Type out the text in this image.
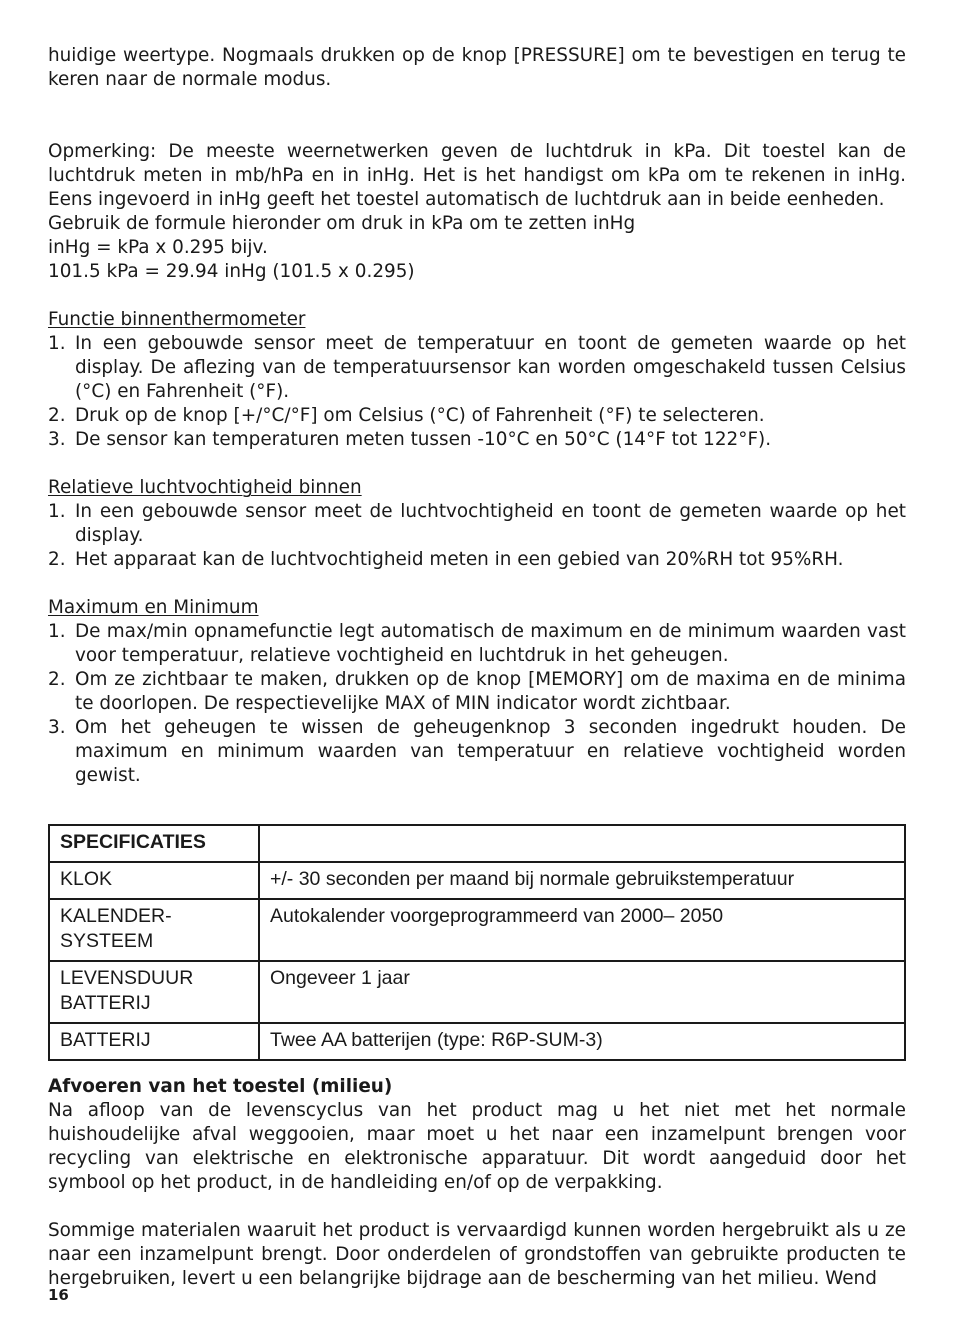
huidige weertype. Nogmaals drukken op de knop [PRESSURE] om te bevestigen en terug te keren naar de normale modus.

Opmerking: De meeste weernetwerken geven de luchtdruk in kPa. Dit toestel kan de luchtdruk meten in mb/hPa en in inHg. Het is het handigst om kPa om te rekenen in inHg. Eens ingevoerd in inHg geeft het toestel automatisch de luchtdruk aan in beide eenheden.

Gebruik de formule hieronder om druk in kPa om te zetten inHg

inHg = kPa x 0.295 bijv.

101.5 kPa = 29.94 inHg (101.5 x 0.295)

Functie binnenthermometer

1. In een gebouwde sensor meet de temperatuur en toont de gemeten waarde op het display. De aflezing van de temperatuursensor kan worden omgeschakeld tussen Celsius (°C) en Fahrenheit (°F).
2. Druk op de knop [+/°C/°F] om Celsius (°C) of Fahrenheit (°F) te selecteren.
3. De sensor kan temperaturen meten tussen -10°C en 50°C (14°F tot 122°F).

Relatieve luchtvochtigheid binnen

1. In een gebouwde sensor meet de luchtvochtigheid en toont de gemeten waarde op het display.
2. Het apparaat kan de luchtvochtigheid meten in een gebied van 20%RH tot 95%RH.

Maximum en Minimum

1. De max/min opnamefunctie legt automatisch de maximum en de minimum waarden vast voor temperatuur, relatieve vochtigheid en luchtdruk in het geheugen.
2. Om ze zichtbaar te maken, drukken op de knop [MEMORY] om de maxima en de minima te doorlopen. De respectievelijke MAX of MIN indicator wordt zichtbaar.
3. Om het geheugen te wissen de geheugenknop 3 seconden ingedrukt houden. De maximum en minimum waarden van temperatuur en relatieve vochtigheid worden gewist.
SPECIFICATIES	
KLOK	+/- 30 seconden per maand bij normale gebruikstemperatuur
KALENDER-
SYSTEEM	Autokalender voorgeprogrammeerd van 2000– 2050
LEVENSDUUR
BATTERIJ	Ongeveer 1 jaar
BATTERIJ	Twee AA batterijen (type: R6P-SUM-3)

Afvoeren van het toestel (milieu)

Na afloop van de levenscyclus van het product mag u het niet met het normale huishoudelijke afval weggooien, maar moet u het naar een inzamelpunt brengen voor recycling van elektrische en elektronische apparatuur. Dit wordt aangeduid door het symbool op het product, in de handleiding en/of op de verpakking.

Sommige materialen waaruit het product is vervaardigd kunnen worden hergebruikt als u ze naar een inzamelpunt brengt. Door onderdelen of grondstoffen van gebruikte producten te hergebruiken, levert u een belangrijke bijdrage aan de bescherming van het milieu. Wend

16
